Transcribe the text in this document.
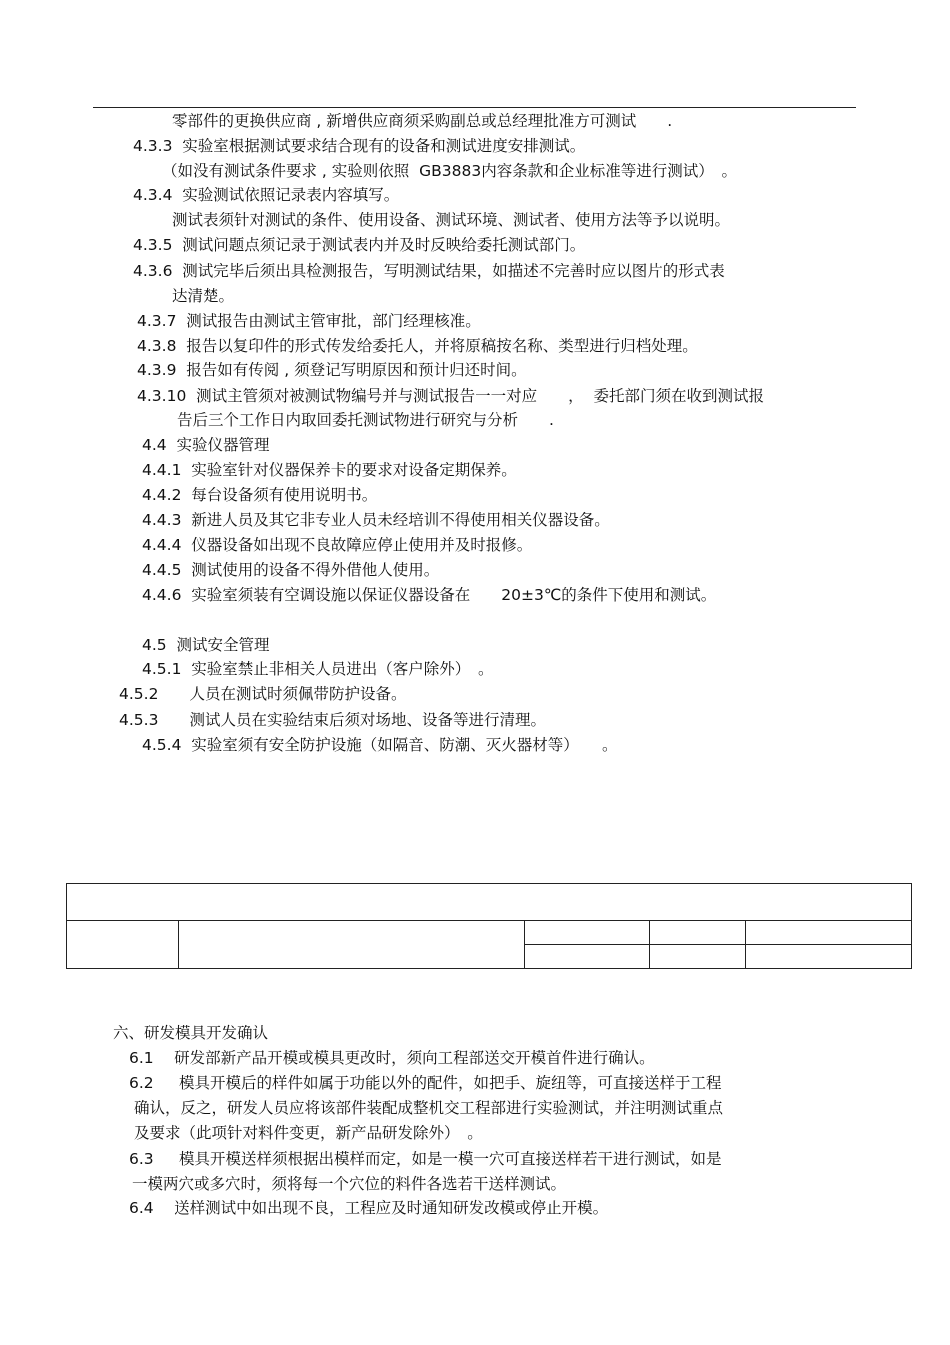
零部件的更换供应商 , 新增供应商须采购副总或总经理批准方可测试　　.
4.3.3  实验室根据测试要求结合现有的设备和测试进度安排测试。
（如没有测试条件要求 , 实验则依照  GB3883内容条款和企业标准等进行测试）　。
4.3.4  实验测试依照记录表内容填写。
测试表须针对测试的条件、使用设备、测试环境、测试者、使用方法等予以说明。
4.3.5  测试问题点须记录于测试表内并及时反映给委托测试部门。
4.3.6  测试完毕后须出具检测报告，写明测试结果，如描述不完善时应以图片的形式表
达清楚。
4.3.7  测试报告由测试主管审批，部门经理核准。
4.3.8  报告以复印件的形式传发给委托人，并将原稿按名称、类型进行归档处理。
4.3.9  报告如有传阅 , 须登记写明原因和预计归还时间。
4.3.10  测试主管须对被测试物编号并与测试报告一一对应　　，  委托部门须在收到测试报
告后三个工作日内取回委托测试物进行研究与分析　　.
4.4  实验仪器管理
4.4.1  实验室针对仪器保养卡的要求对设备定期保养。
4.4.2  每台设备须有使用说明书。
4.4.3  新进人员及其它非专业人员未经培训不得使用相关仪器设备。
4.4.4  仪器设备如出现不良故障应停止使用并及时报修。
4.4.5  测试使用的设备不得外借他人使用。
4.4.6  实验室须装有空调设施以保证仪器设备在　　20±3℃的条件下使用和测试。
4.5  测试安全管理
4.5.1  实验室禁止非相关人员进出（客户除外）　。
4.5.2　　人员在测试时须佩带防护设备。
4.5.3　　测试人员在实验结束后须对场地、设备等进行清理。
4.5.4  实验室须有安全防护设施（如隔音、防潮、灭火器材等）　　。
六、研发模具开发确认
6.1　 研发部新产品开模或模具更改时，须向工程部送交开模首件进行确认。
6.2　  模具开模后的样件如属于功能以外的配件，如把手、旋纽等，可直接送样于工程
确认，反之，研发人员应将该部件装配成整机交工程部进行实验测试，并注明测试重点
及要求（此项针对料件变更，新产品研发除外）　。
6.3　  模具开模送样须根据出模样而定，如是一模一穴可直接送样若干进行测试，如是
一模两穴或多穴时，须将每一个穴位的料件各选若干送样测试。
6.4　 送样测试中如出现不良，工程应及时通知研发改模或停止开模。
